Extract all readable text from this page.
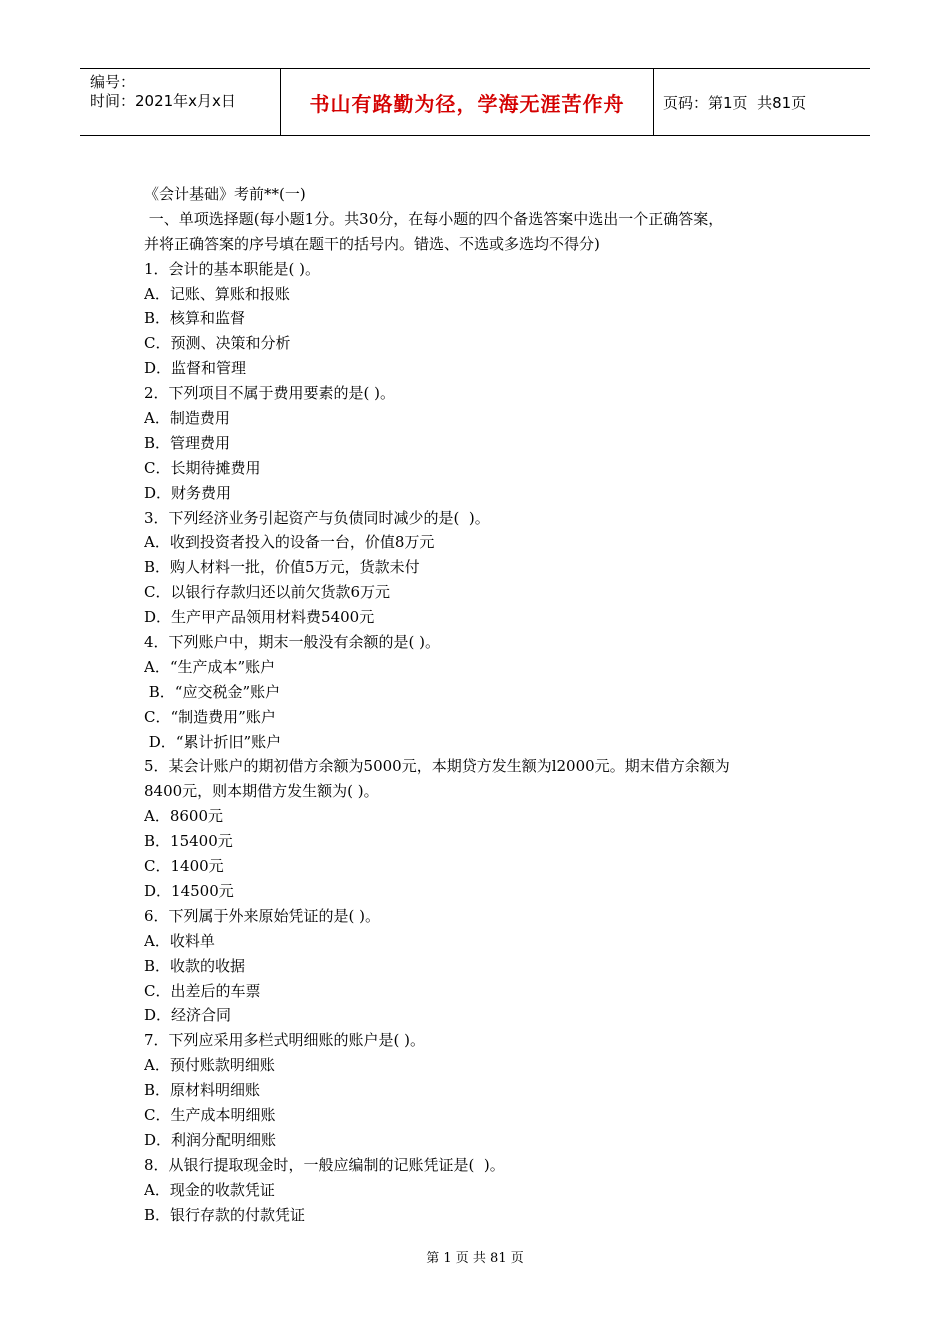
编号：
时间：2021年x月x日	书山有路勤为径，学海无涯苦作舟	页码：第1页  共81页
《会计基础》考前**(一)
一、单项选择题(每小题1分。共30分，在每小题的四个备选答案中选出一个正确答案，
并将正确答案的序号填在题干的括号内。错选、不选或多选均不得分)
1．会计的基本职能是( )。
A．记账、算账和报账
B．核算和监督
C．预测、决策和分析
D．监督和管理
2．下列项目不属于费用要素的是( )。
A．制造费用
B．管理费用
C．长期待摊费用
D．财务费用
3．下列经济业务引起资产与负债同时减少的是(  )。
A．收到投资者投入的设备一台，价值8万元
B．购人材料一批，价值5万元，货款未付
C．以银行存款归还以前欠货款6万元
D．生产甲产品领用材料费5400元
4．下列账户中，期末一般没有余额的是( )。
A．“生产成本”账户
B．“应交税金”账户
C．“制造费用”账户
D．“累计折旧”账户
5．某会计账户的期初借方余额为5000元，本期贷方发生额为l2000元。期末借方余额为
8400元，则本期借方发生额为( )。
A．8600元
B．15400元
C．1400元
D．14500元
6．下列属于外来原始凭证的是( )。
A．收料单
B．收款的收据
C．出差后的车票
D．经济合同
7．下列应采用多栏式明细账的账户是( )。
A．预付账款明细账
B．原材料明细账
C．生产成本明细账
D．利润分配明细账
8．从银行提取现金时，一般应编制的记账凭证是(  )。
A．现金的收款凭证
B．银行存款的付款凭证
第 1 页 共 81 页
